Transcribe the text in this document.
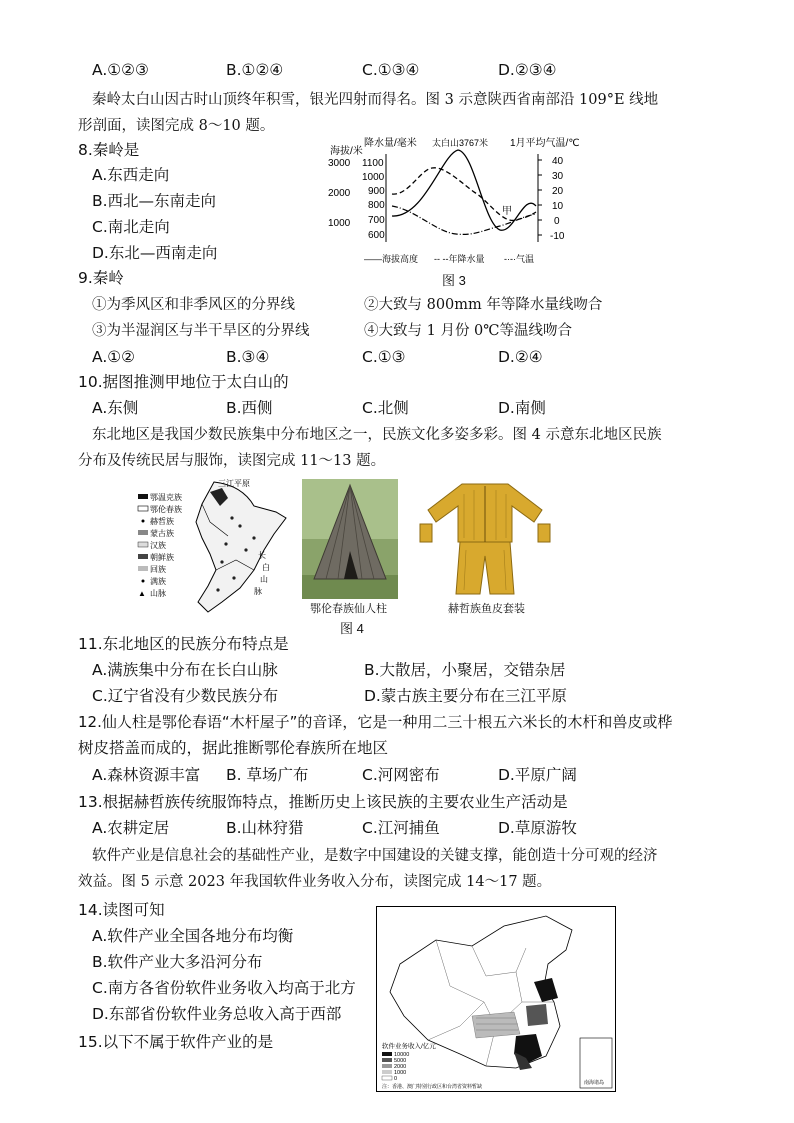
A.①②③	B.①②④	C.①③④	D.②③④
秦岭太白山因古时山顶终年积雪，银光四射而得名。图 3 示意陕西省南部沿 109°E 线地
形剖面，读图完成 8～10 题。
8.秦岭是
A.东西走向
B.西北—东南走向
C.南北走向
D.东北—西南走向
9.秦岭
①为季风区和非季风区的分界线	②大致与 800mm 年等降水量线吻合
③为半湿润区与半干旱区的分界线	④大致与 1 月份 0℃等温线吻合
A.①②	B.③④	C.①③	D.②④
10.据图推测甲地位于太白山的
A.东侧	B.西侧	C.北侧	D.南侧
东北地区是我国少数民族集中分布地区之一，民族文化多姿多彩。图 4 示意东北地区民族
分布及传统民居与服饰，读图完成 11～13 题。
11.东北地区的民族分布特点是
A.满族集中分布在长白山脉	B.大散居，小聚居，交错杂居
C.辽宁省没有少数民族分布	D.蒙古族主要分布在三江平原
12.仙人柱是鄂伦春语“木杆屋子”的音译，它是一种用二三十根五六米长的木杆和兽皮或桦
树皮搭盖而成的，据此推断鄂伦春族所在地区
A.森林资源丰富 B. 草场广布	C.河网密布	D.平原广阔
13.根据赫哲族传统服饰特点，推断历史上该民族的主要农业生产活动是
A.农耕定居	B.山林狩猎	C.江河捕鱼	D.草原游牧
软件产业是信息社会的基础性产业，是数字中国建设的关键支撑，能创造十分可观的经济
效益。图 5 示意 2023 年我国软件业务收入分布，读图完成 14～17 题。
14.读图可知
A.软件产业全国各地分布均衡
B.软件产业大多沿河分布
C.南方各省份软件业务收入均高于北方
D.东部省份软件业务总收入高于西部
15.以下不属于软件产业的是
海拔/米
降水量/毫米 太白山3767米 1月平均气温/℃
3000
2000
1000
1100
1000
900
800
700
600
40
30
20
10
0
-10
甲
——海拔高度 -- --年降水量 -·-·气温
图 3
三江平原
鄂温克族
鄂伦春族
赫哲族
蒙古族
汉族
朝鲜族
回族
满族
▲ 山脉
长
白
山
脉
鄂伦春族仙人柱	赫哲族鱼皮套装
图 4
南海诸岛
软件业务收入/亿元
10000
5000
2000
1000
0
注：香港、澳门特别行政区和台湾省资料暂缺
